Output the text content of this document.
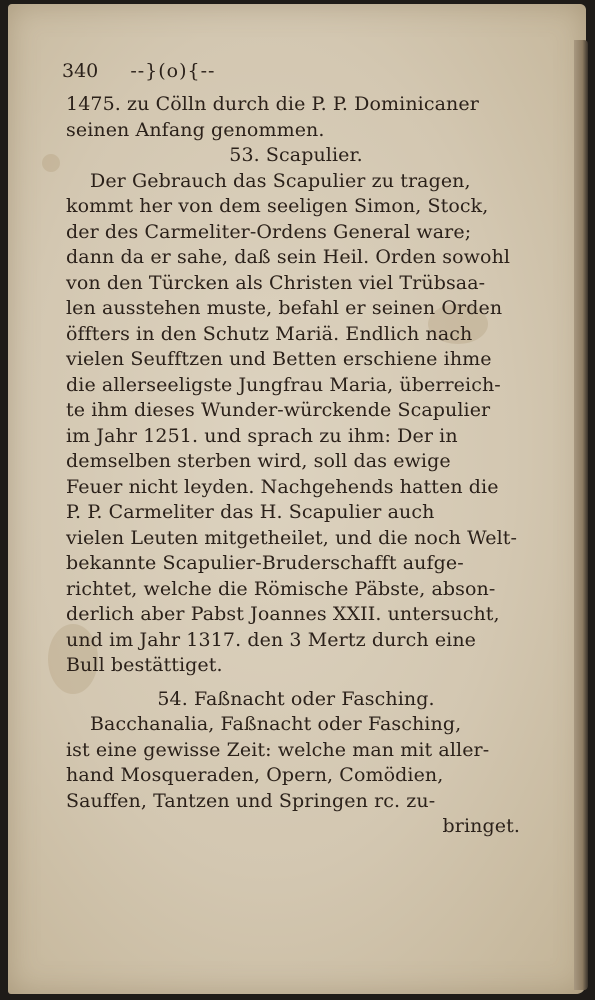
340 --}(o){--
1475. zu Cölln durch die P. P. Dominicaner
seinen Anfang genommen.
53. Scapulier.
Der Gebrauch das Scapulier zu tragen,
kommt her von dem seeligen Simon, Stock,
der des Carmeliter-Ordens General ware;
dann da er sahe, daß sein Heil. Orden sowohl
von den Türcken als Christen viel Trübsaa-
len ausstehen muste, befahl er seinen Orden
öffters in den Schutz Mariä. Endlich nach
vielen Seufftzen und Betten erschiene ihme
die allerseeligste Jungfrau Maria, überreich-
te ihm dieses Wunder-würckende Scapulier
im Jahr 1251. und sprach zu ihm: Der in
demselben sterben wird, soll das ewige
Feuer nicht leyden. Nachgehends hatten die
P. P. Carmeliter das H. Scapulier auch
vielen Leuten mitgetheilet, und die noch Welt-
bekannte Scapulier-Bruderschafft aufge-
richtet, welche die Römische Päbste, abson-
derlich aber Pabst Joannes XXII. untersucht,
und im Jahr 1317. den 3 Mertz durch eine
Bull bestättiget.
54. Faßnacht oder Fasching.
Bacchanalia, Faßnacht oder Fasching,
ist eine gewisse Zeit: welche man mit aller-
hand Mosqueraden, Opern, Comödien,
Sauffen, Tantzen und Springen rc. zu-
bringet.
